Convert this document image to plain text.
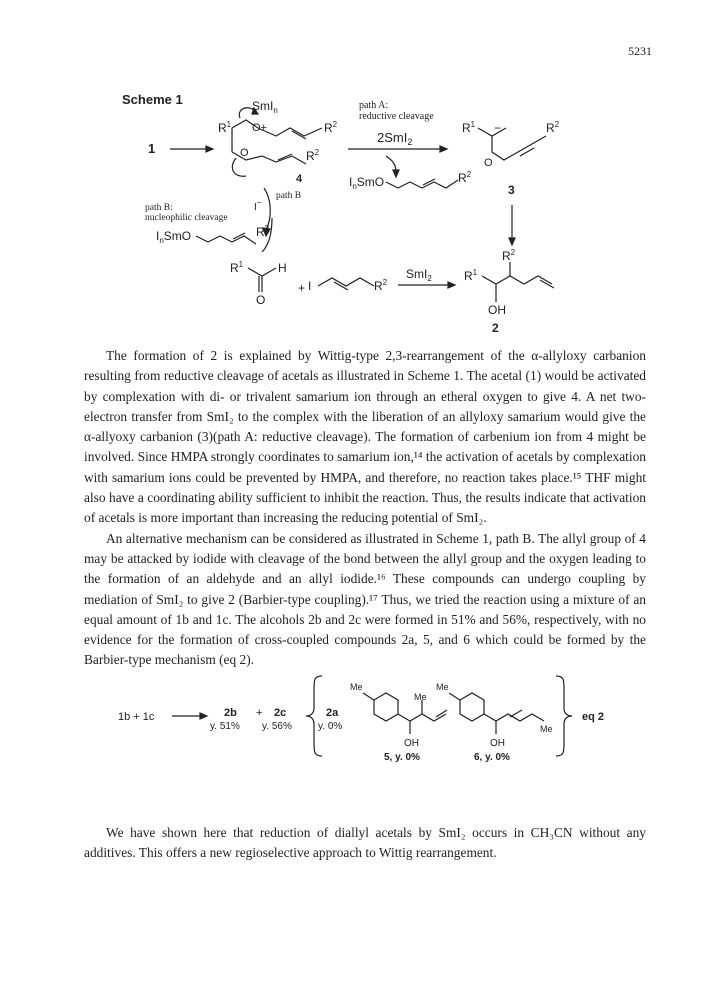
5231
Scheme 1
1
SmI$_n$
$R^1$ O+	$R^2$
O	$R^2$
4
path A:
reductive cleavage
2SmI$_2$
$I_nSmO$	$R^2$
$R^1$ −	$R^2$
O
3
path B:
nucleophilic cleavage
I−
path B
$I_nSmO$	$R^2$
$R^1$	H
O
+ I	$R^2$
SmI$_2$	$R^1$
$R^2$
OH
2

The formation of 2 is explained by Wittig-type 2,3-rearrangement of the α-allyloxy carbanion resulting from reductive cleavage of acetals as illustrated in Scheme 1. The acetal (1) would be activated by complexation with di- or trivalent samarium ion through an etheral oxygen to give 4. A net two-electron transfer from SmI₂ to the complex with the liberation of an allyloxy samarium would give the α-allyoxy carbanion (3)(path A: reductive cleavage). The formation of carbenium ion from 4 might be involved. Since HMPA strongly coordinates to samarium ion,¹⁴ the activation of acetals by complexation with samarium ions could be prevented by HMPA, and therefore, no reaction takes place.¹⁵ THF might also have a coordinating ability sufficient to inhibit the reaction. Thus, the results indicate that activation of acetals is more important than increasing the reducing potential of SmI₂.

An alternative mechanism can be considered as illustrated in Scheme 1, path B. The allyl group of 4 may be attacked by iodide with cleavage of the bond between the allyl group and the oxygen leading to the formation of an aldehyde and an allyl iodide.¹⁶ These compounds can undergo coupling by mediation of SmI₂ to give 2 (Barbier-type coupling).¹⁷ Thus, we tried the reaction using a mixture of an equal amount of 1b and 1c. The alcohols 2b and 2c were formed in 51% and 56%, respectively, with no evidence for the formation of cross-coupled compounds 2a, 5, and 6 which could be formed by the Barbier-type mechanism (eq 2).

1b + 1c	2b
y. 51%
+ 2c
y. 56%
2a
y. 0%
Me
Me
OH
5, y. 0%
Me
Me
OH
6, y. 0%
eq 2

We have shown here that reduction of diallyl acetals by SmI₂ occurs in CH₃CN without any additives. This offers a new regioselective approach to Wittig rearrangement.
